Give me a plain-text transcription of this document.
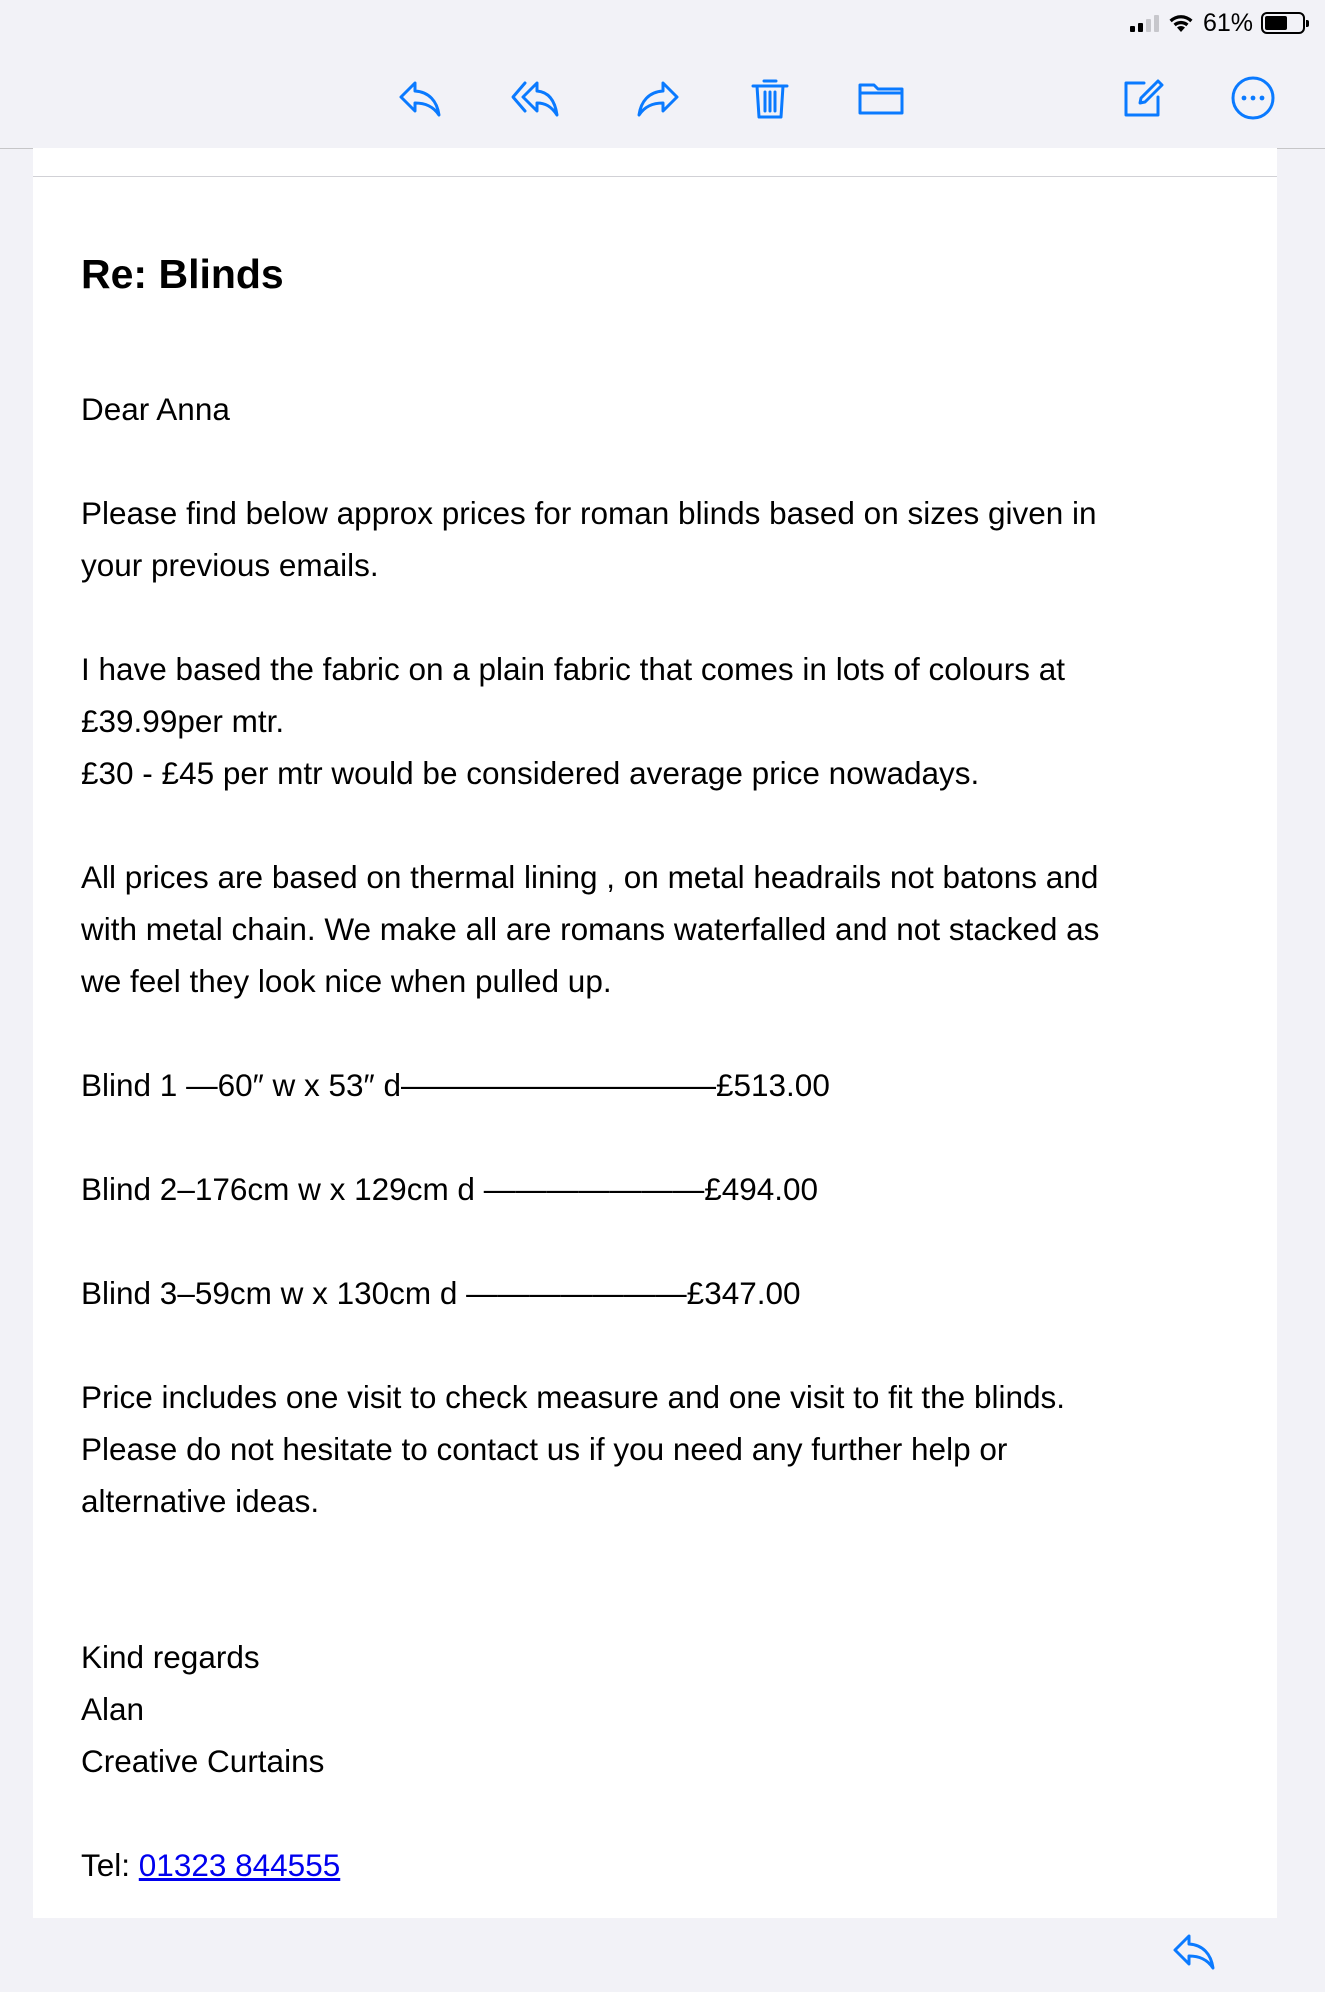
61%
Re: Blinds
Dear Anna
Please find below approx prices for roman blinds based on sizes given in
your previous emails.
I have based the fabric on a plain fabric that comes in lots of colours at
£39.99per mtr.
£30 - £45 per mtr would be considered average price nowadays.
All prices are based on thermal lining , on metal headrails not batons and
with metal chain. We make all are romans waterfalled and not stacked as
we feel they look nice when pulled up.
Blind 1 —60″ w x 53″ d——————————£513.00
Blind 2–176cm w x 129cm d ———————£494.00
Blind 3–59cm w x 130cm d ———————£347.00
Price includes one visit to check measure and one visit to fit the blinds.
Please do not hesitate to contact us if you need any further help or
alternative ideas.
Kind regards
Alan
Creative Curtains
Tel: 01323 844555
